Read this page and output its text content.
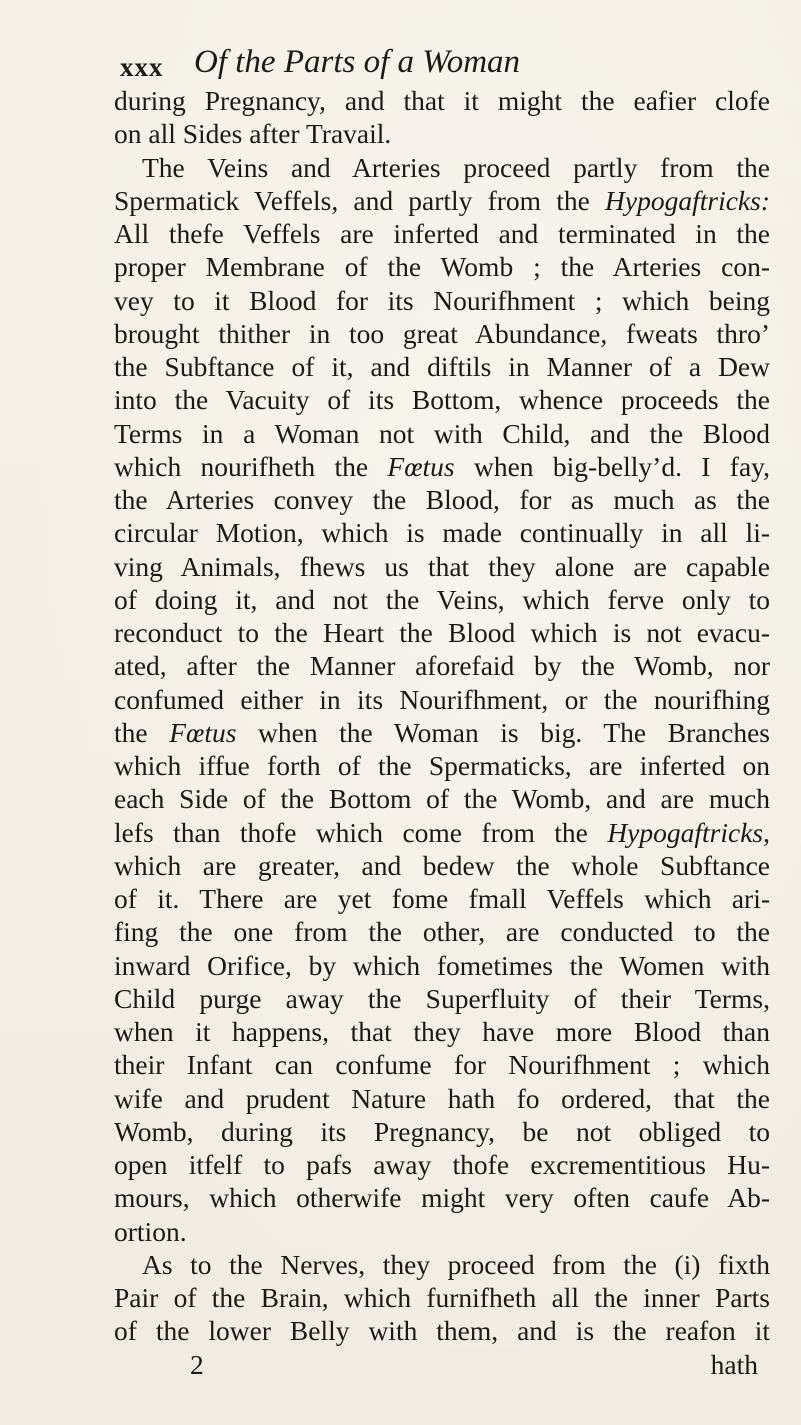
xxx Of the Parts of a Woman
during Pregnancy, and that it might the eafier clofe
on all Sides after Travail.
The Veins and Arteries proceed partly from the
Spermatick Veffels, and partly from the Hypogaftricks:
All thefe Veffels are inferted and terminated in the
proper Membrane of the Womb ; the Arteries con-
vey to it Blood for its Nourifhment ; which being
brought thither in too great Abundance, fweats thro’
the Subftance of it, and diftils in Manner of a Dew
into the Vacuity of its Bottom, whence proceeds the
Terms in a Woman not with Child, and the Blood
which nourifheth the Fœtus when big-belly’d. I fay,
the Arteries convey the Blood, for as much as the
circular Motion, which is made continually in all li-
ving Animals, fhews us that they alone are capable
of doing it, and not the Veins, which ferve only to
reconduct to the Heart the Blood which is not evacu-
ated, after the Manner aforefaid by the Womb, nor
confumed either in its Nourifhment, or the nourifhing
the Fœtus when the Woman is big. The Branches
which iffue forth of the Spermaticks, are inferted on
each Side of the Bottom of the Womb, and are much
lefs than thofe which come from the Hypogaftricks,
which are greater, and bedew the whole Subftance
of it. There are yet fome fmall Veffels which ari-
fing the one from the other, are conducted to the
inward Orifice, by which fometimes the Women with
Child purge away the Superfluity of their Terms,
when it happens, that they have more Blood than
their Infant can confume for Nourifhment ; which
wife and prudent Nature hath fo ordered, that the
Womb, during its Pregnancy, be not obliged to
open itfelf to pafs away thofe excrementitious Hu-
mours, which otherwife might very often caufe Ab-
ortion.
As to the Nerves, they proceed from the (i) fixth
Pair of the Brain, which furnifheth all the inner Parts
of the lower Belly with them, and is the reafon it
2	hath
